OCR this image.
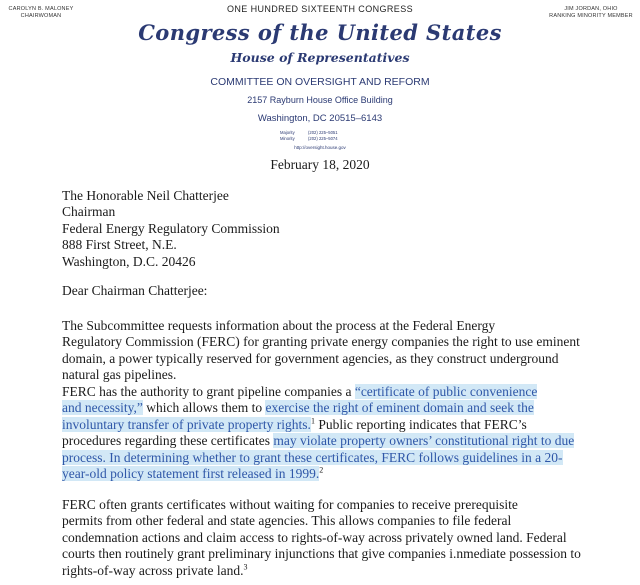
CAROLYN B. MALONEY
CHAIRWOMAN
ONE HUNDRED SIXTEENTH CONGRESS	JIM JORDAN, OHIO
RANKING MINORITY MEMBER
Congress of the United States
House of Representatives
COMMITTEE ON OVERSIGHT AND REFORM
2157 Rayburn House Office Building
Washington, DC 20515–6143
Majority	(202) 225–5051
Minority	(202) 225–5074
http://oversight.house.gov
February 18, 2020
The Honorable Neil Chatterjee
Chairman
Federal Energy Regulatory Commission
888 First Street, N.E.
Washington, D.C. 20426
Dear Chairman Chatterjee:
The Subcommittee requests information about the process at the Federal Energy
Regulatory Commission (FERC) for granting private energy companies the right to use eminent
domain, a power typically reserved for government agencies, as they construct underground
natural gas pipelines.
FERC has the authority to grant pipeline companies a “certificate of public convenience
and necessity,” which allows them to exercise the right of eminent domain and seek the
involuntary transfer of private property rights.$^1$ Public reporting indicates that FERC’s
procedures regarding these certificates may violate property owners’ constitutional right to due
process. In determining whether to grant these certificates, FERC follows guidelines in a 20-
year-old policy statement first released in 1999.$^2$
FERC often grants certificates without waiting for companies to receive prerequisite
permits from other federal and state agencies. This allows companies to file federal
condemnation actions and claim access to rights-of-way across privately owned land. Federal
courts then routinely grant preliminary injunctions that give companies i.nmediate possession to
rights-of-way across private land.$^3$
